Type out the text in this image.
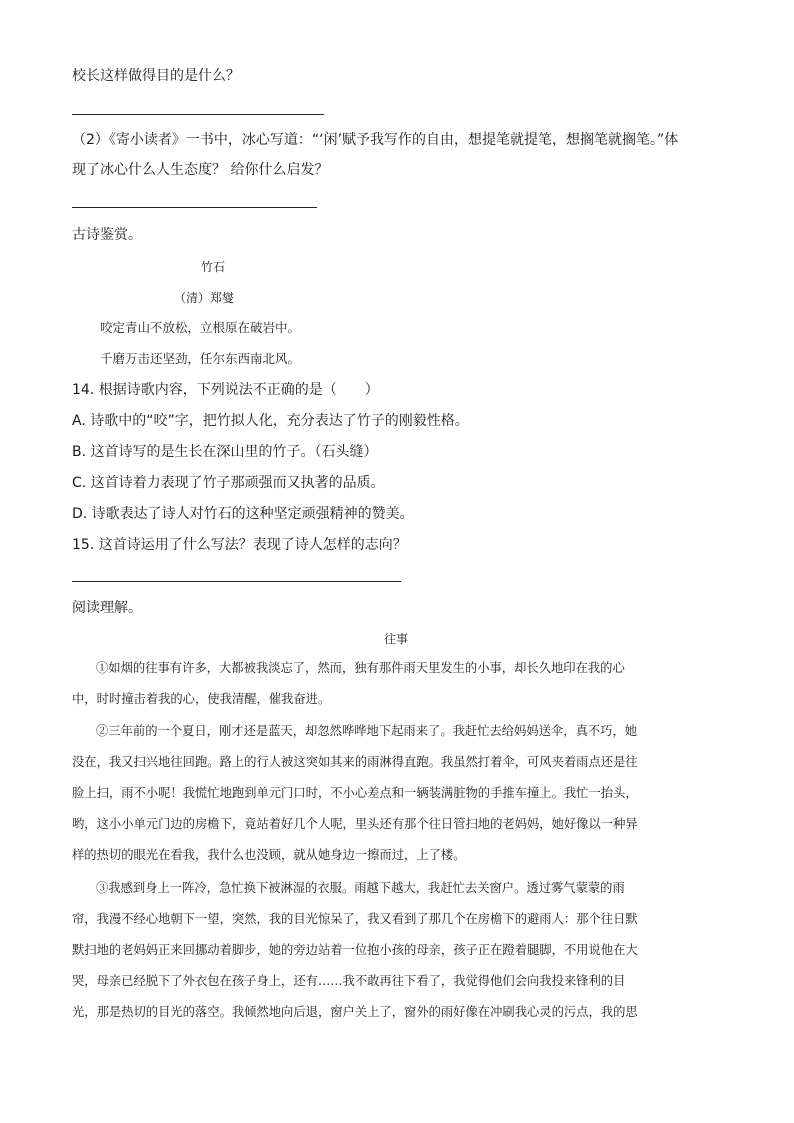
校长这样做得目的是什么？
（2）《寄小读者》一书中，冰心写道：“‘闲’赋予我写作的自由，想提笔就提笔，想搁笔就搁笔。”体
现了冰心什么人生态度？ 给你什么启发？
古诗鉴赏。
竹石
（清）郑燮
咬定青山不放松，立根原在破岩中。
千磨万击还坚劲，任尔东西南北风。
14. 根据诗歌内容，下列说法不正确的是（　　）
A. 诗歌中的“咬”字，把竹拟人化，充分表达了竹子的刚毅性格。
B. 这首诗写的是生长在深山里的竹子。（石头缝）
C. 这首诗着力表现了竹子那顽强而又执著的品质。
D. 诗歌表达了诗人对竹石的这种坚定顽强精神的赞美。
15. 这首诗运用了什么写法？表现了诗人怎样的志向？
阅读理解。
往事
①如烟的往事有许多，大都被我淡忘了，然而，独有那件雨天里发生的小事，却长久地印在我的心
中，时时撞击着我的心，使我清醒，催我奋进。
②三年前的一个夏日，刚才还是蓝天，却忽然哗哗地下起雨来了。我赶忙去给妈妈送伞，真不巧，她
没在，我又扫兴地往回跑。路上的行人被这突如其来的雨淋得直跑。我虽然打着伞，可风夹着雨点还是往
脸上扫，雨不小呢！我慌忙地跑到单元门口时，不小心差点和一辆装满脏物的手推车撞上。我忙一抬头，
哟，这小小单元门边的房檐下，竟站着好几个人呢，里头还有那个往日管扫地的老妈妈，她好像以一种异
样的热切的眼光在看我，我什么也没顾，就从她身边一擦而过，上了楼。
③我感到身上一阵冷，急忙换下被淋湿的衣服。雨越下越大，我赶忙去关窗户。透过雾气蒙蒙的雨
帘，我漫不经心地朝下一望，突然，我的目光惊呆了，我又看到了那几个在房檐下的避雨人：那个往日默
默扫地的老妈妈正来回挪动着脚步，她的旁边站着一位抱小孩的母亲，孩子正在蹬着腿脚，不用说他在大
哭，母亲已经脱下了外衣包在孩子身上，还有……我不敢再往下看了，我觉得他们会向我投来锋利的目
光，那是热切的目光的落空。我倾然地向后退，窗户关上了，窗外的雨好像在冲刷我心灵的污点，我的思
